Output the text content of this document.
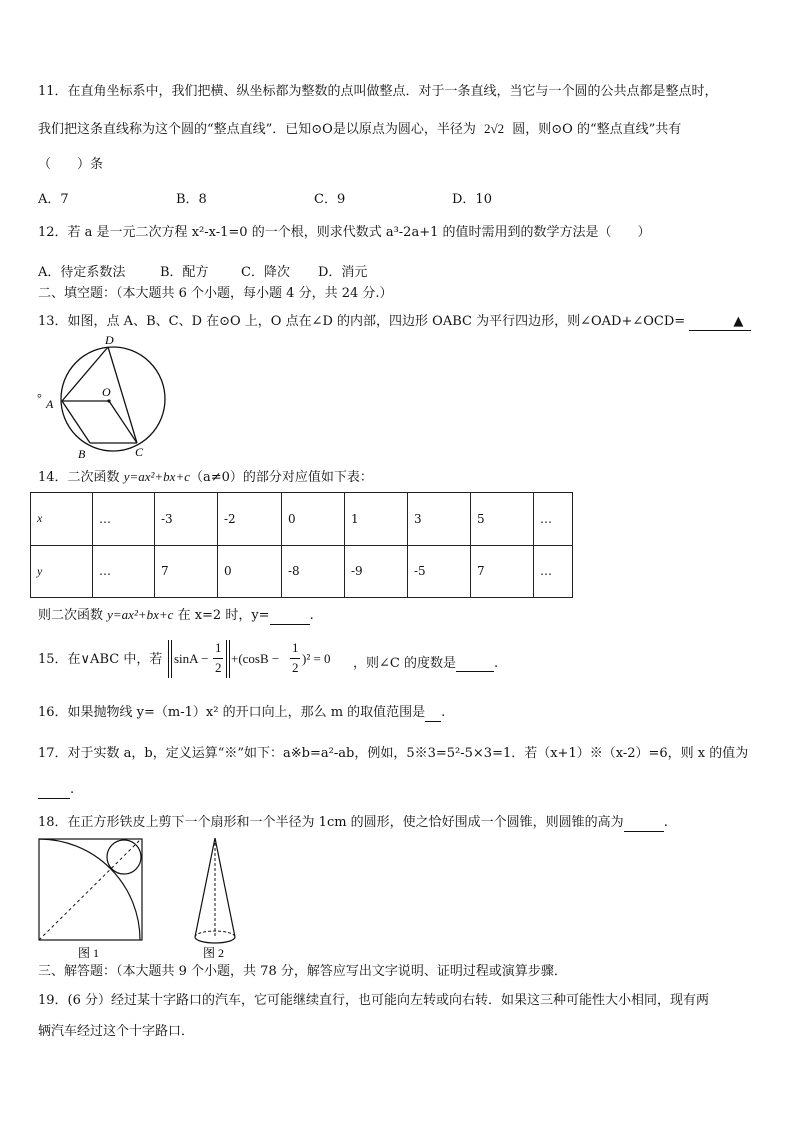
11．在直角坐标系中，我们把横、纵坐标都为整数的点叫做整点．对于一条直线，当它与一个圆的公共点都是整点时，
我们把这条直线称为这个圆的“整点直线”．已知⊙O是以原点为圆心，半径为 2√2 圆，则⊙O 的“整点直线”共有
（　　）条
A．7	B．8	C．9	D．10
12．若 a 是一元二次方程 x²-x-1=0 的一个根，则求代数式 a³-2a+1 的值时需用到的数学方法是（　　）
A．待定系数法	B．配方 C．降次 D．消元
二、填空题：（本大题共 6 个小题，每小题 4 分，共 24 分.）
13．如图，点 A、B、C、D 在⊙O 上，O 点在∠D 的内部，四边形 OABC 为平行四边形，则∠OAD+∠OCD=	▲
D
O
A
°
B	C
14．二次函数 y=ax²+bx+c（a≠0）的部分对应值如下表：
x	…	-3	-2	0	1	3	5	…
y	…	7	0	-8	-9	-5	7	…
则二次函数 y=ax²+bx+c 在 x=2 时，y=	.
15．在∨ABC 中，若 sinA −
1
2
+(cosB −
1
2
)² = 0 ，则∠C 的度数是	.
16．如果抛物线 y=（m-1）x² 的开口向上，那么 m 的取值范围是 .
17．对于实数 a，b，定义运算“※”如下：a※b=a²-ab，例如，5※3=5²-5×3=1．若（x+1）※（x-2）=6，则 x 的值为
.
18．在正方形铁皮上剪下一个扇形和一个半径为 1cm 的圆形，使之恰好围成一个圆锥，则圆锥的高为	.
图 1	图 2
三、解答题：（本大题共 9 个小题，共 78 分，解答应写出文字说明、证明过程或演算步骤．
19．(6 分）经过某十字路口的汽车，它可能继续直行，也可能向左转或向右转．如果这三种可能性大小相同，现有两
辆汽车经过这个十字路口．
